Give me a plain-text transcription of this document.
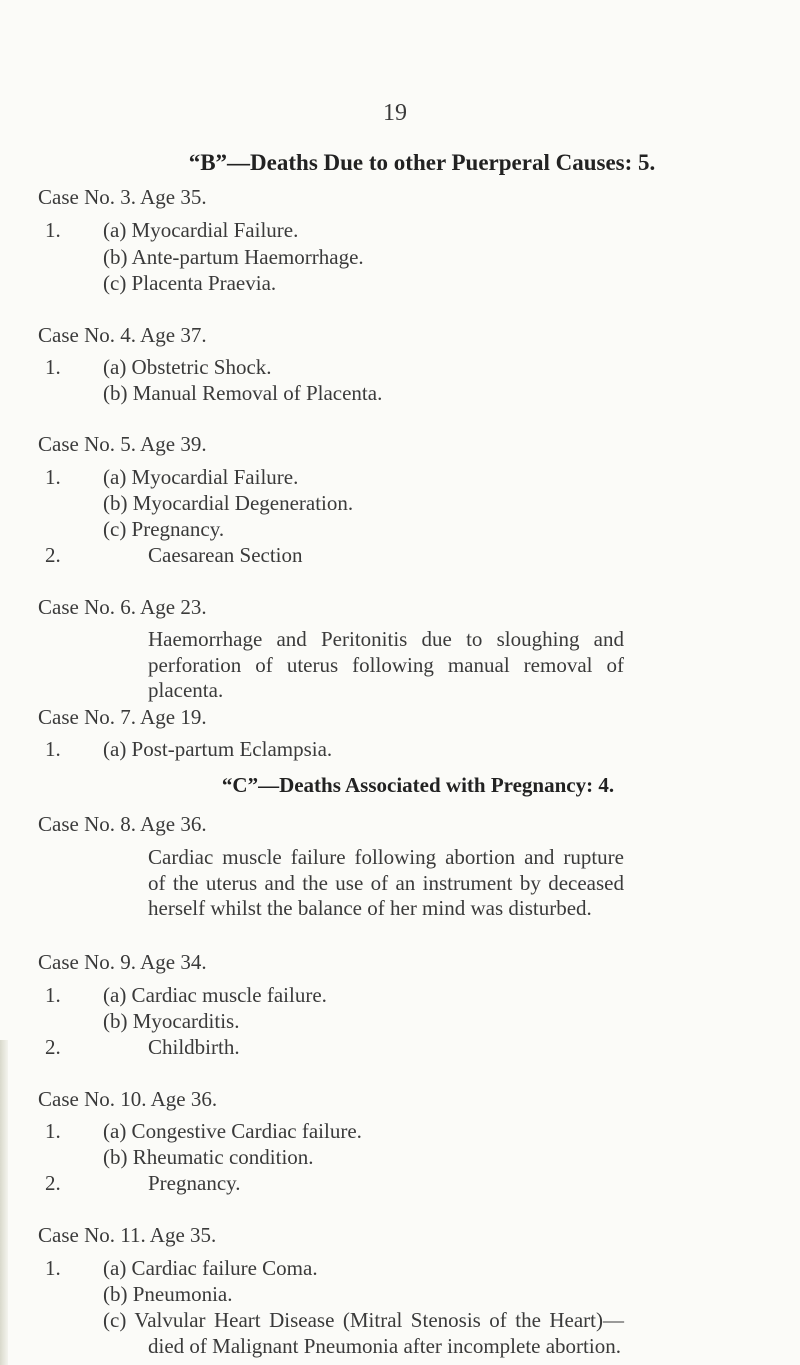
19
“B”—Deaths Due to other Puerperal Causes: 5.
Case No. 3. Age 35.
1. (a) Myocardial Failure.
(b) Ante-partum Haemorrhage.
(c) Placenta Praevia.
Case No. 4. Age 37.
1. (a) Obstetric Shock.
(b) Manual Removal of Placenta.
Case No. 5. Age 39.
1. (a) Myocardial Failure.
(b) Myocardial Degeneration.
(c) Pregnancy.
2.	Caesarean Section
Case No. 6. Age 23.
Haemorrhage and Peritonitis due to sloughing and perforation of uterus following manual removal of placenta.
Case No. 7. Age 19.
1. (a) Post-partum Eclampsia.
“C”—Deaths Associated with Pregnancy: 4.
Case No. 8. Age 36.
Cardiac muscle failure following abortion and rupture of the uterus and the use of an instrument by deceased herself whilst the balance of her mind was disturbed.
Case No. 9. Age 34.
1. (a) Cardiac muscle failure.
(b) Myocarditis.
2.	Childbirth.
Case No. 10. Age 36.
1. (a) Congestive Cardiac failure.
(b) Rheumatic condition.
2.	Pregnancy.
Case No. 11. Age 35.
1. (a) Cardiac failure Coma.
(b) Pneumonia.
(c) Valvular Heart Disease (Mitral Stenosis of the Heart)—died of Malignant Pneumonia after incomplete abortion.
